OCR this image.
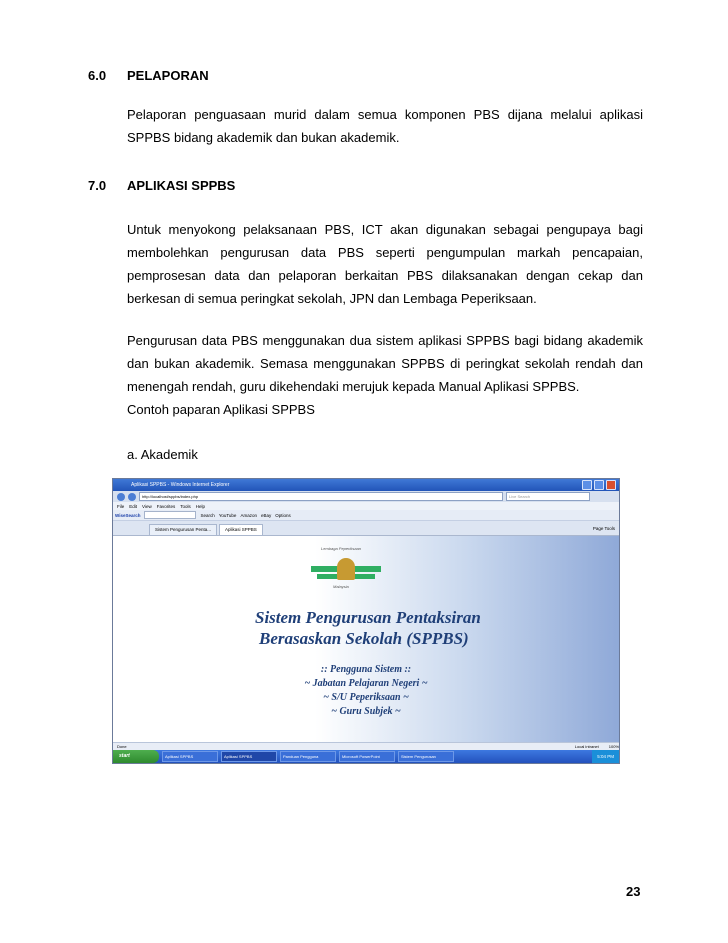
6.0 PELAPORAN

Pelaporan penguasaan murid dalam semua komponen PBS dijana melalui aplikasi SPPBS bidang akademik dan bukan akademik.

7.0 APLIKASI SPPBS

Untuk menyokong pelaksanaan PBS, ICT akan digunakan sebagai pengupaya bagi membolehkan pengurusan data PBS seperti pengumpulan markah pencapaian, pemprosesan data dan pelaporan berkaitan PBS dilaksanakan dengan cekap dan berkesan di semua peringkat sekolah, JPN dan Lembaga Peperiksaan.

Pengurusan data PBS menggunakan dua sistem aplikasi SPPBS bagi bidang akademik dan bukan akademik. Semasa menggunakan SPPBS di peringkat sekolah rendah dan menengah rendah, guru dikehendaki merujuk kepada Manual Aplikasi SPPBS.

Contoh paparan Aplikasi SPPBS
a. Akademik
Aplikasi SPPBS - Windows Internet Explorer
http://localhost/sppbs/index.php	Live Search
File Edit View Favorites Tools Help
WiseSearch	Search YouTube Amazon eBay Options
Sistem Pengurusan Penta...	Aplikasi SPPBS	Page Tools
Lembaga Peperiksaan
Malaysia
Sistem Pengurusan Pentaksiran
Berasaskan Sekolah (SPPBS)
:: Pengguna Sistem ::
~ Jabatan Pelajaran Negeri ~
~ S/U Peperiksaan ~
~ Guru Subjek ~
Done	Local intranet	100%
start	Aplikasi SPPBS	Aplikasi SPPBS	Panduan Pengguna	Microsoft PowerPoint	Sistem Pengurusan	5:04 PM
23
